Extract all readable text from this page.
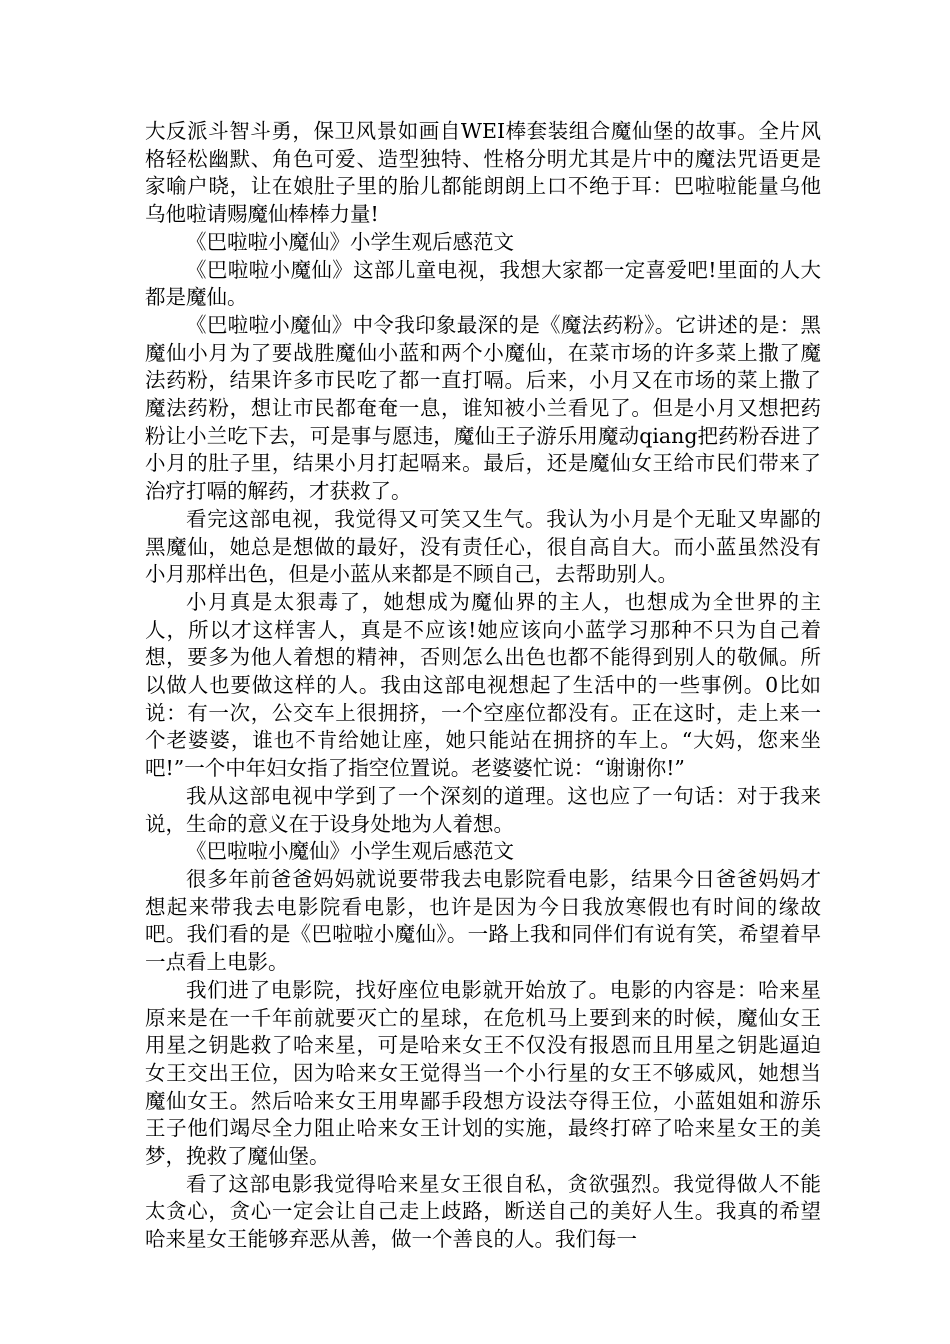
大反派斗智斗勇，保卫风景如画自WEI棒套装组合魔仙堡的故事。全片风格轻松幽默、角色可爱、造型独特、性格分明尤其是片中的魔法咒语更是家喻户晓，让在娘肚子里的胎儿都能朗朗上口不绝于耳：巴啦啦能量乌他乌他啦请赐魔仙棒棒力量!

《巴啦啦小魔仙》小学生观后感范文

《巴啦啦小魔仙》这部儿童电视，我想大家都一定喜爱吧!里面的人大都是魔仙。

《巴啦啦小魔仙》中令我印象最深的是《魔法药粉》。它讲述的是：黑魔仙小月为了要战胜魔仙小蓝和两个小魔仙，在菜市场的许多菜上撒了魔法药粉，结果许多市民吃了都一直打嗝。后来，小月又在市场的菜上撒了魔法药粉，想让市民都奄奄一息，谁知被小兰看见了。但是小月又想把药粉让小兰吃下去，可是事与愿违，魔仙王子游乐用魔动qiang把药粉吞进了小月的肚子里，结果小月打起嗝来。最后，还是魔仙女王给市民们带来了治疗打嗝的解药，才获救了。

看完这部电视，我觉得又可笑又生气。我认为小月是个无耻又卑鄙的黑魔仙，她总是想做的最好，没有责任心，很自高自大。而小蓝虽然没有小月那样出色，但是小蓝从来都是不顾自己，去帮助别人。

小月真是太狠毒了，她想成为魔仙界的主人，也想成为全世界的主人，所以才这样害人，真是不应该!她应该向小蓝学习那种不只为自己着想，要多为他人着想的精神，否则怎么出色也都不能得到别人的敬佩。所以做人也要做这样的人。我由这部电视想起了生活中的一些事例。0比如说：有一次，公交车上很拥挤，一个空座位都没有。正在这时，走上来一个老婆婆，谁也不肯给她让座，她只能站在拥挤的车上。“大妈，您来坐吧!”一个中年妇女指了指空位置说。老婆婆忙说：“谢谢你!”

我从这部电视中学到了一个深刻的道理。这也应了一句话：对于我来说，生命的意义在于设身处地为人着想。

《巴啦啦小魔仙》小学生观后感范文

很多年前爸爸妈妈就说要带我去电影院看电影，结果今日爸爸妈妈才想起来带我去电影院看电影，也许是因为今日我放寒假也有时间的缘故吧。我们看的是《巴啦啦小魔仙》。一路上我和同伴们有说有笑，希望着早一点看上电影。

我们进了电影院，找好座位电影就开始放了。电影的内容是：哈来星原来是在一千年前就要灭亡的星球，在危机马上要到来的时候，魔仙女王用星之钥匙救了哈来星，可是哈来女王不仅没有报恩而且用星之钥匙逼迫女王交出王位，因为哈来女王觉得当一个小行星的女王不够威风，她想当魔仙女王。然后哈来女王用卑鄙手段想方设法夺得王位，小蓝姐姐和游乐王子他们竭尽全力阻止哈来女王计划的实施，最终打碎了哈来星女王的美梦，挽救了魔仙堡。

看了这部电影我觉得哈来星女王很自私，贪欲强烈。我觉得做人不能太贪心，贪心一定会让自己走上歧路，断送自己的美好人生。我真的希望哈来星女王能够弃恶从善，做一个善良的人。我们每一
